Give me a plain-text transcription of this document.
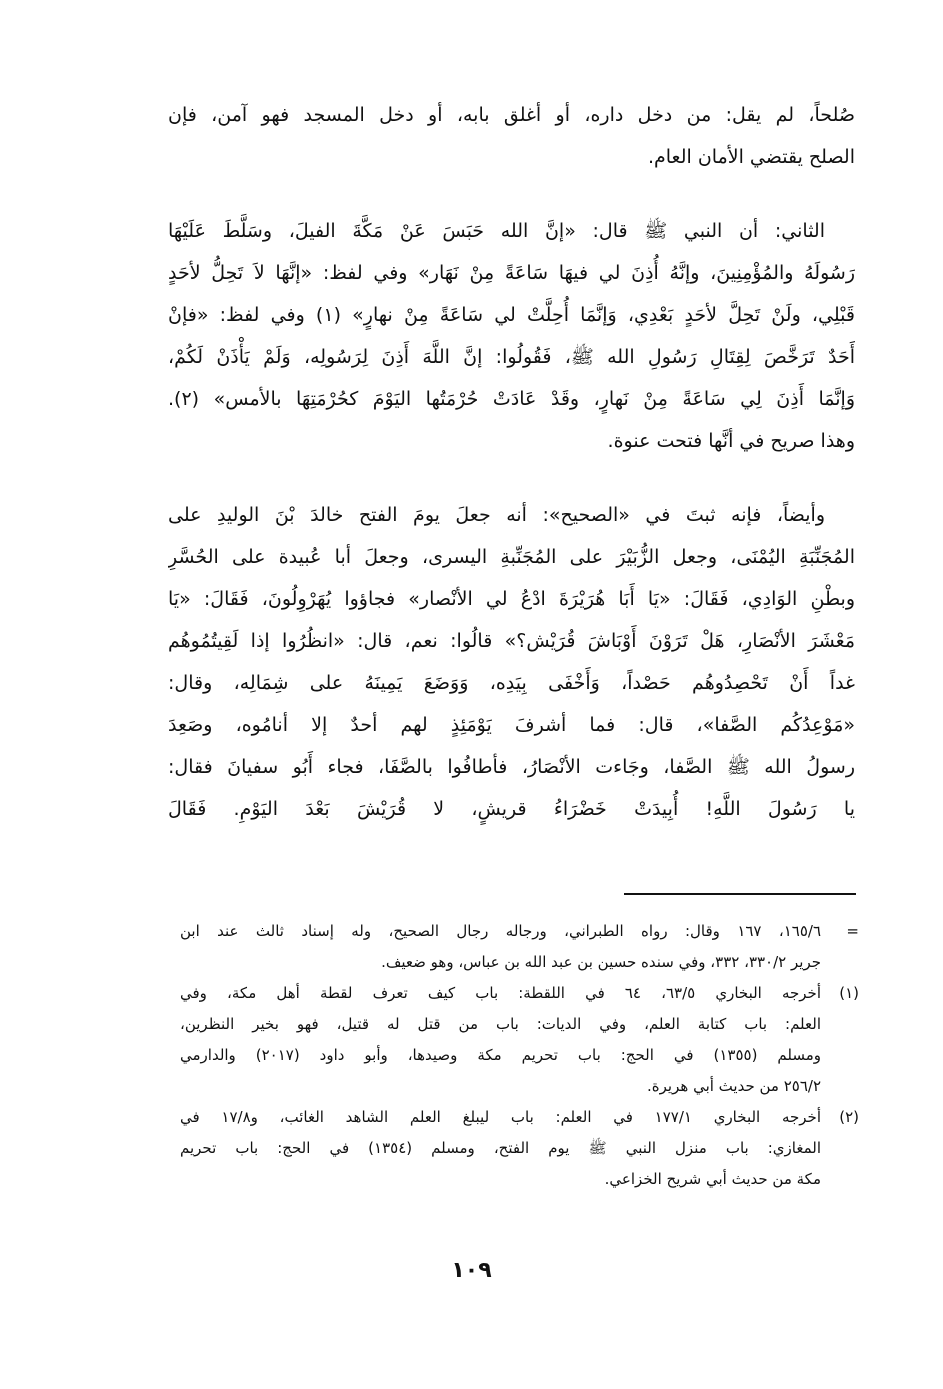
صُلحاً، لم يقل: من دخل داره، أو أغلق بابه، أو دخل المسجد فهو آمن، فإن
الصلح يقتضي الأمان العام.
الثاني: أن النبي ﷺ قال: «إنَّ الله حَبَسَ عَنْ مَكَّةَ الفيلَ، وسَلَّطَ عَلَيْهَا
رَسُولَهُ والمُؤْمِنِينَ، وإنَّهُ أُذِنَ لي فيهَا سَاعَةً مِنْ نَهَار» وفي لفظ: «إنَّهَا لاَ تَحِلُّ لأحَدٍ
قَبْلِي، ولَنْ تَحِلَّ لأحَدٍ بَعْدِي، وَإنَّمَا أُحِلَّتْ لي سَاعَةً مِنْ نهارٍ» (١) وفي لفظ: «فإنْ
أَحَدٌ تَرَخَّصَ لِقِتَالِ رَسُولِ الله ﷺ، فَقُولُوا: إنَّ اللَّهَ أَذِنَ لِرَسُولِه، وَلَمْ يَأْذَنْ لَكُمْ،
وَإنَّمَا أَذِنَ لِي سَاعَةً مِنْ نَهارٍ، وقَدْ عَادَتْ حُرْمَتُها اليَوْمَ كحُرْمَتِهَا بالأمس» (٢).
وهذا صريح في أنَّها فتحت عنوة.
وأيضاً، فإنه ثبتَ في «الصحيح»: أنه جعلَ يومَ الفتح خالدَ بْنَ الوليدِ على
المُجَنِّبَةِ اليُمْنَى، وجعل الزُّبَيْرَ على المُجَنِّبةِ اليسرى، وجعلَ أبا عُبيدة على الحُسَّرِ
وبطْنِ الوَادِي، فَقَالَ: «يَا أَبَا هُرَيْرَةَ ادْعُ لي الأنْصار» فجاؤوا يُهَرْوِلُونَ، فَقَالَ: «يَا
مَعْشَرَ الأنْصَارِ، هَلْ تَرَوْنَ أَوْبَاشَ قُرَيْش؟» قالُوا: نعم، قال: «انظُرُوا إذا لَقِيتُمُوهُم
غداً أَنْ تَحْصِدُوهُم حَصْداً، وَأَخْفَى بِيَدِه، وَوَضَعَ يَمِينَهُ على شِمَالِه، وقال:
«مَوْعِدُكُم الصَّفا»، قال: فما أشرفَ يَوْمَئِذٍ لهم أحدٌ إلا أنامُوه، وصَعِدَ
رسولُ الله ﷺ الصَّفا، وجَاءت الأنْصَارُ، فأطافُوا بالصَّفَا، فجاء أَبُو سفيانَ فقال:
يا رَسُولَ اللَّهِ! أُبِيدَتْ خَضْرَاءُ قريشٍ، لا قُرَيْشَ بَعْدَ اليَوْمِ. فَقَالَ
=
١٦٥/٦، ١٦٧ وقال: رواه الطبراني، ورجاله رجال الصحيح، وله إسناد ثالث عند ابن
جرير ٣٣٠/٢، ٣٣٢، وفي سنده حسين بن عبد الله بن عباس، وهو ضعيف.
(١)
أخرجه البخاري ٦٣/٥، ٦٤ في اللقطة: باب كيف تعرف لقطة أهل مكة، وفي
العلم: باب كتابة العلم، وفي الديات: باب من قتل له قتيل، فهو بخير النظرين،
ومسلم (١٣٥٥) في الحج: باب تحريم مكة وصيدها، وأبو داود (٢٠١٧) والدارمي
٢٥٦/٢ من حديث أبي هريرة.
(٢)
أخرجه البخاري ١٧٧/١ في العلم: باب ليبلغ العلم الشاهد الغائب، و١٧/٨ في
المغازي: باب منزل النبي ﷺ يوم الفتح، ومسلم (١٣٥٤) في الحج: باب تحريم
مكة من حديث أبي شريح الخزاعي.
١٠٩
